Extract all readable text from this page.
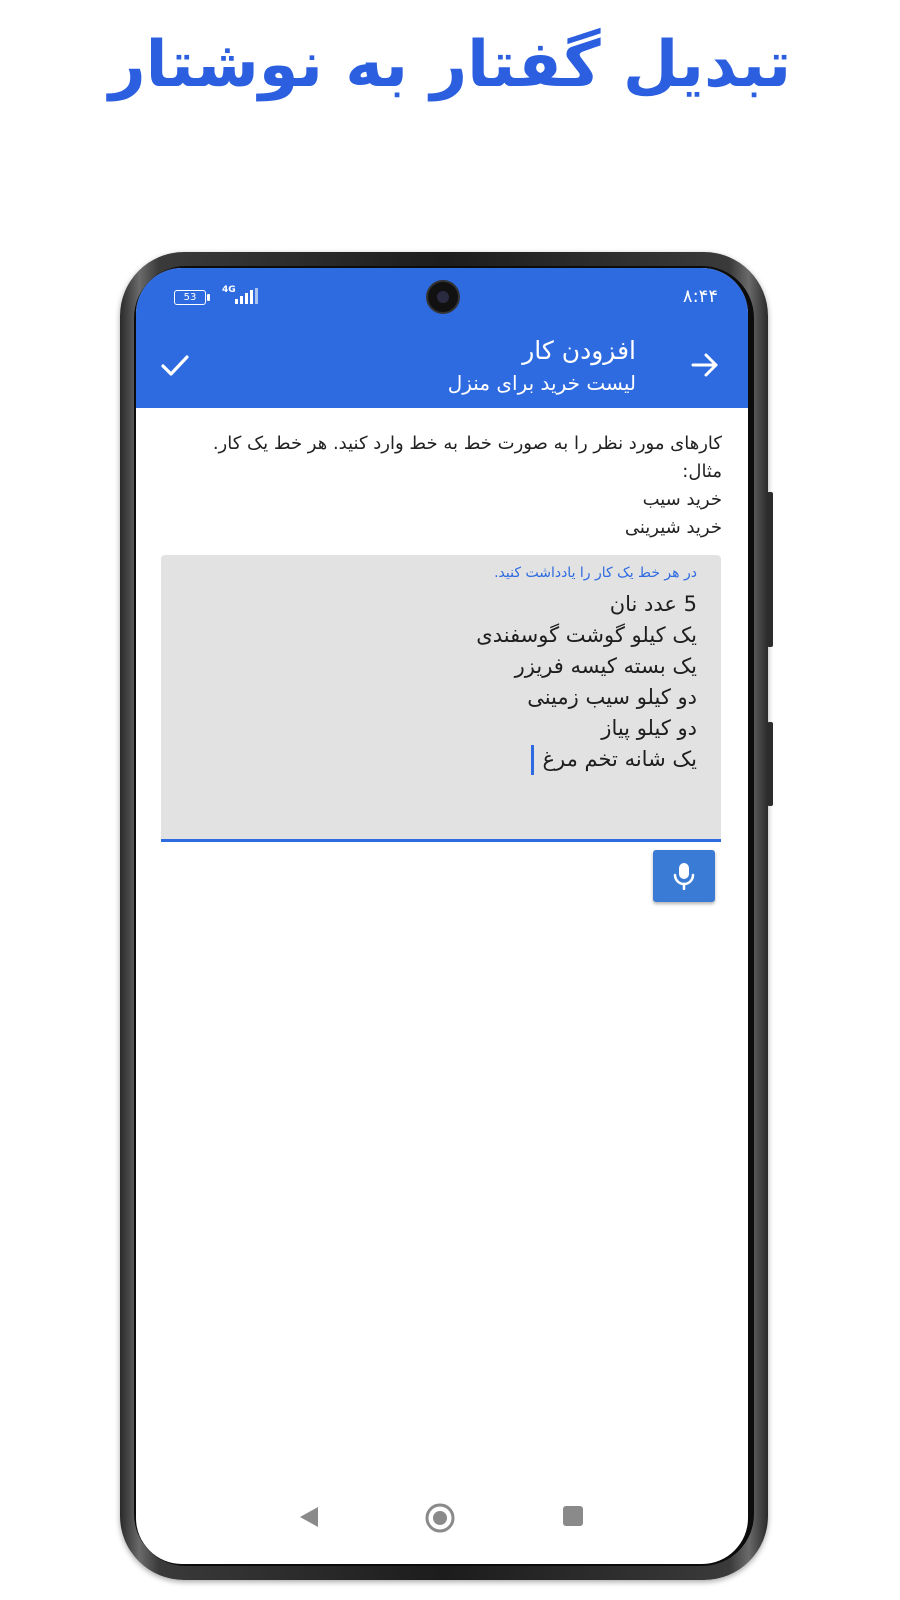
تبدیل گفتار به نوشتار
53
4G	۸:۴۴
افزودن کار
لیست خرید برای منزل
کارهای مورد نظر را به صورت خط به خط وارد کنید. هر خط یک کار.
مثال:
خرید سیب
خرید شیرینی
در هر خط یک کار را یادداشت کنید.
5 عدد نان
یک کیلو گوشت گوسفندی
یک بسته کیسه فریزر
دو کیلو سیب زمینی
دو کیلو پیاز
یک شانه تخم مرغ
